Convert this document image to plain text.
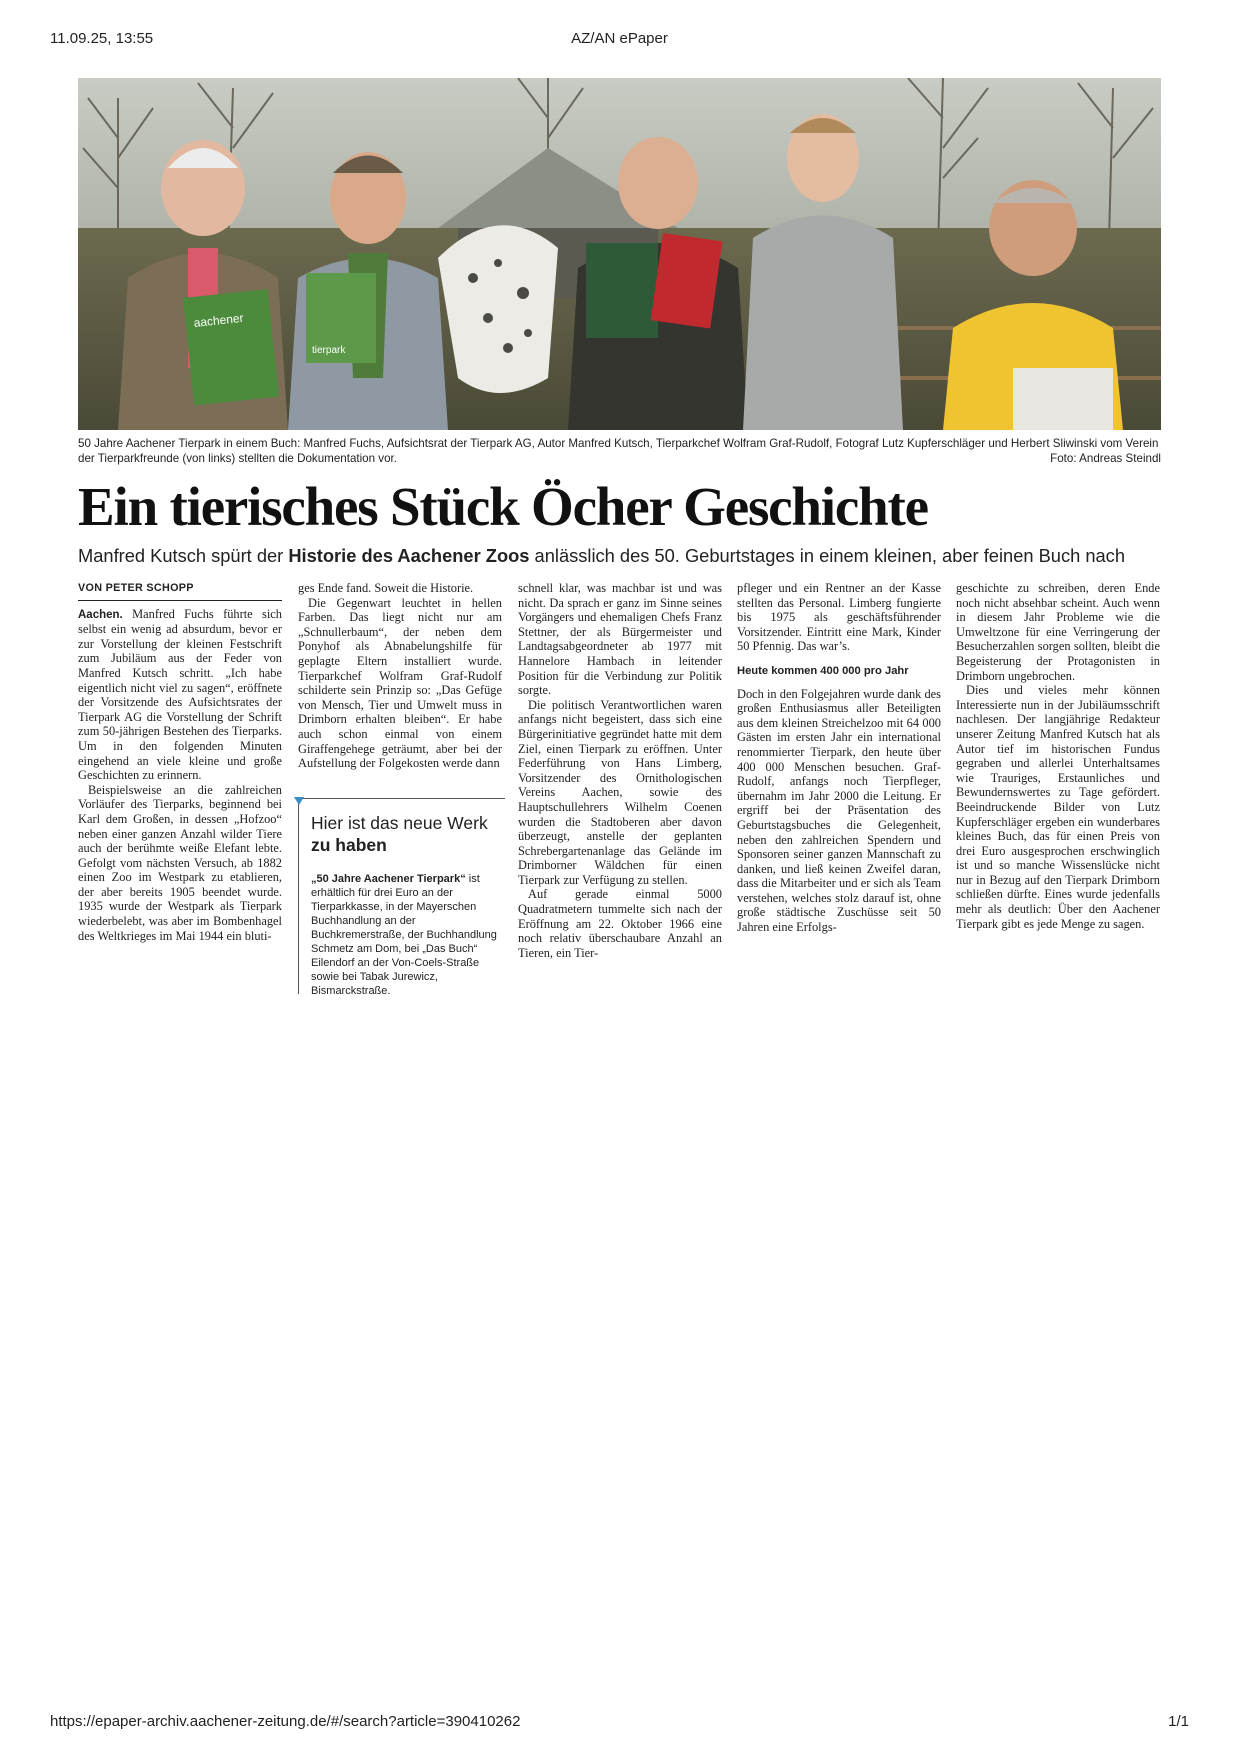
11.09.25, 13:55	AZ/AN ePaper
aachener
tierpark
50 Jahre Aachener Tierpark in einem Buch: Manfred Fuchs, Aufsichtsrat der Tierpark AG, Autor Manfred Kutsch, Tierparkchef Wolfram Graf-Rudolf, Fotograf Lutz Kupferschläger und Herbert Sliwinski vom Verein der Tierparkfreunde (von links) stellten die Dokumentation vor.	Foto: Andreas Steindl
Ein tierisches Stück Öcher Geschichte
Manfred Kutsch spürt der Historie des Aachener Zoos anlässlich des 50. Geburtstages in einem kleinen, aber feinen Buch nach
VON PETER SCHOPP

Aachen. Manfred Fuchs führte sich selbst ein wenig ad absurdum, bevor er zur Vorstellung der kleinen Festschrift zum Jubiläum aus der Feder von Manfred Kutsch schritt. „Ich habe eigentlich nicht viel zu sagen“, eröffnete der Vorsitzende des Aufsichtsrates der Tierpark AG die Vorstellung der Schrift zum 50-jährigen Bestehen des Tierparks. Um in den folgenden Minuten eingehend an viele kleine und große Geschichten zu erinnern.

Beispielsweise an die zahlreichen Vorläufer des Tierparks, beginnend bei Karl dem Großen, in dessen „Hofzoo“ neben einer ganzen Anzahl wilder Tiere auch der berühmte weiße Elefant lebte. Gefolgt vom nächsten Versuch, ab 1882 einen Zoo im Westpark zu etablieren, der aber bereits 1905 beendet wurde. 1935 wurde der Westpark als Tierpark wiederbelebt, was aber im Bombenhagel des Weltkrieges im Mai 1944 ein bluti-

ges Ende fand. Soweit die Historie.

Die Gegenwart leuchtet in hellen Farben. Das liegt nicht nur am „Schnullerbaum“, der neben dem Ponyhof als Abnabelungshilfe für geplagte Eltern installiert wurde. Tierparkchef Wolfram Graf-Rudolf schilderte sein Prinzip so: „Das Gefüge von Mensch, Tier und Umwelt muss in Drimborn erhalten bleiben“. Er habe auch schon einmal von einem Giraffengehege geträumt, aber bei der Aufstellung der Folgekosten werde dann

Hier ist das neue Werk zu haben
„50 Jahre Aachener Tierpark“ ist erhältlich für drei Euro an der Tierparkkasse, in der Mayerschen Buchhandlung an der Buchkremerstraße, der Buchhandlung Schmetz am Dom, bei „Das Buch“ Eilendorf an der Von-Coels-Straße sowie bei Tabak Jurewicz, Bismarckstraße.

schnell klar, was machbar ist und was nicht. Da sprach er ganz im Sinne seines Vorgängers und ehemaligen Chefs Franz Stettner, der als Bürgermeister und Landtagsabgeordneter ab 1977 mit Hannelore Hambach in leitender Position für die Verbindung zur Politik sorgte.

Die politisch Verantwortlichen waren anfangs nicht begeistert, dass sich eine Bürgerinitiative gegründet hatte mit dem Ziel, einen Tierpark zu eröffnen. Unter Federführung von Hans Limberg, Vorsitzender des Ornithologischen Vereins Aachen, sowie des Hauptschullehrers Wilhelm Coenen wurden die Stadtoberen aber davon überzeugt, anstelle der geplanten Schrebergartenanlage das Gelände im Drimborner Wäldchen für einen Tierpark zur Verfügung zu stellen.

Auf gerade einmal 5000 Quadratmetern tummelte sich nach der Eröffnung am 22. Oktober 1966 eine noch relativ überschaubare Anzahl an Tieren, ein Tier-

pfleger und ein Rentner an der Kasse stellten das Personal. Limberg fungierte bis 1975 als geschäftsführender Vorsitzender. Eintritt eine Mark, Kinder 50 Pfennig. Das war’s.

Heute kommen 400 000 pro Jahr

Doch in den Folgejahren wurde dank des großen Enthusiasmus aller Beteiligten aus dem kleinen Streichelzoo mit 64 000 Gästen im ersten Jahr ein international renommierter Tierpark, den heute über 400 000 Menschen besuchen. Graf-Rudolf, anfangs noch Tierpfleger, übernahm im Jahr 2000 die Leitung. Er ergriff bei der Präsentation des Geburtstagsbuches die Gelegenheit, neben den zahlreichen Spendern und Sponsoren seiner ganzen Mannschaft zu danken, und ließ keinen Zweifel daran, dass die Mitarbeiter und er sich als Team verstehen, welches stolz darauf ist, ohne große städtische Zuschüsse seit 50 Jahren eine Erfolgs-

geschichte zu schreiben, deren Ende noch nicht absehbar scheint. Auch wenn in diesem Jahr Probleme wie die Umweltzone für eine Verringerung der Besucherzahlen sorgen sollten, bleibt die Begeisterung der Protagonisten in Drimborn ungebrochen.

Dies und vieles mehr können Interessierte nun in der Jubiläumsschrift nachlesen. Der langjährige Redakteur unserer Zeitung Manfred Kutsch hat als Autor tief im historischen Fundus gegraben und allerlei Unterhaltsames wie Trauriges, Erstaunliches und Bewundernswertes zu Tage gefördert. Beeindruckende Bilder von Lutz Kupferschläger ergeben ein wunderbares kleines Buch, das für einen Preis von drei Euro ausgesprochen erschwinglich ist und so manche Wissenslücke nicht nur in Bezug auf den Tierpark Drimborn schließen dürfte. Eines wurde jedenfalls mehr als deutlich: Über den Aachener Tierpark gibt es jede Menge zu sagen.

https://epaper-archiv.aachener-zeitung.de/#/search?article=390410262	1/1
